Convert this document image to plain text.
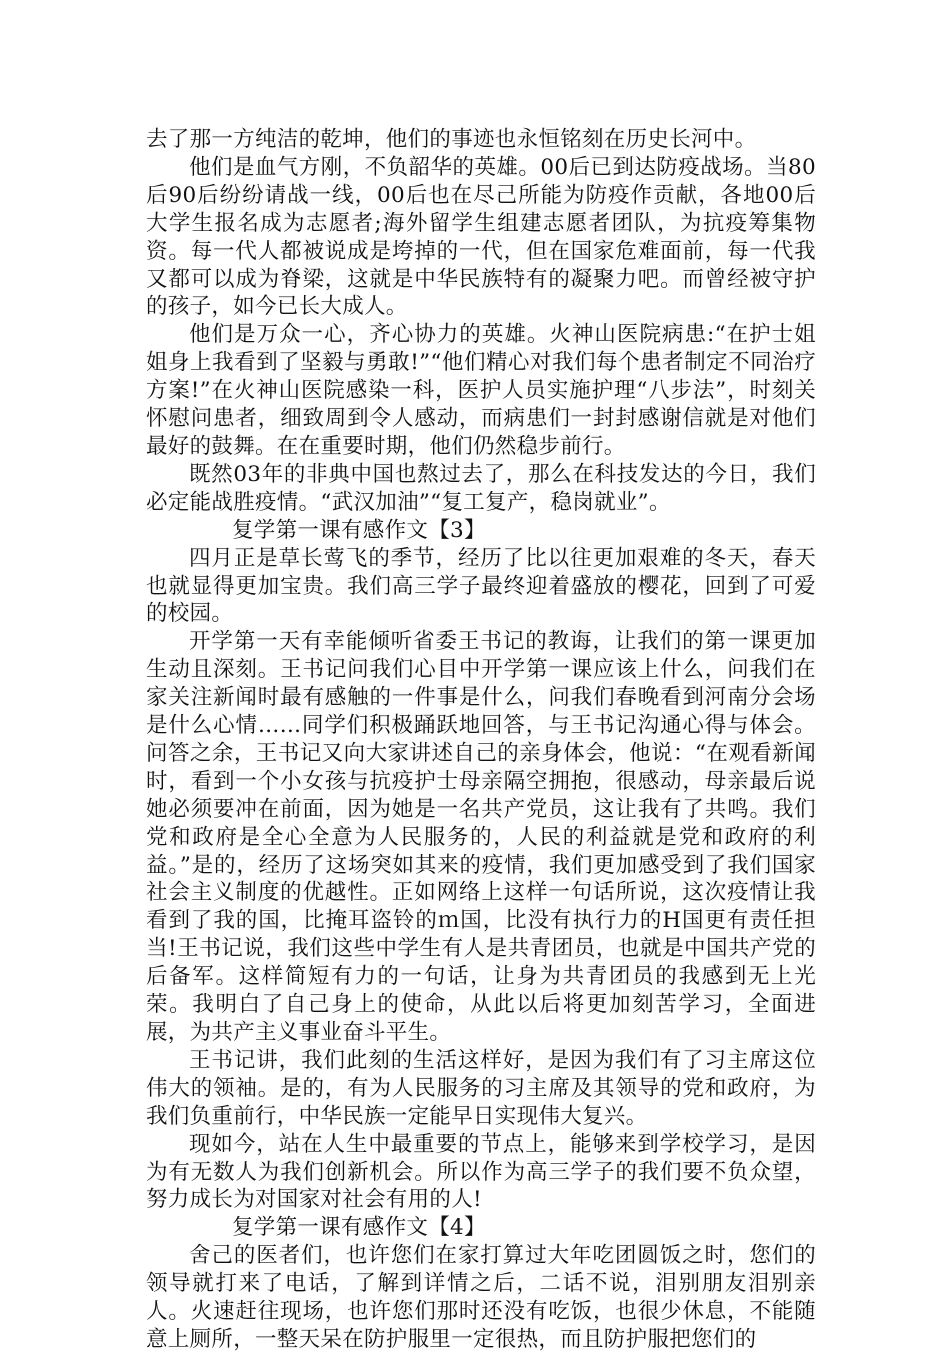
去了那一方纯洁的乾坤，他们的事迹也永恒铭刻在历史长河中。

他们是血气方刚，不负韶华的英雄。00后已到达防疫战场。当80后90后纷纷请战一线，00后也在尽己所能为防疫作贡献，各地00后大学生报名成为志愿者;海外留学生组建志愿者团队，为抗疫筹集物资。每一代人都被说成是垮掉的一代，但在国家危难面前，每一代我又都可以成为脊梁，这就是中华民族特有的凝聚力吧。而曾经被守护的孩子，如今已长大成人。

他们是万众一心，齐心协力的英雄。火神山医院病患:“在护士姐姐身上我看到了坚毅与勇敢!”“他们精心对我们每个患者制定不同治疗方案!”在火神山医院感染一科，医护人员实施护理“八步法”，时刻关怀慰问患者，细致周到令人感动，而病患们一封封感谢信就是对他们最好的鼓舞。在在重要时期，他们仍然稳步前行。

既然03年的非典中国也熬过去了，那么在科技发达的今日，我们必定能战胜疫情。“武汉加油”“复工复产，稳岗就业”。

复学第一课有感作文【3】

四月正是草长莺飞的季节，经历了比以往更加艰难的冬天，春天也就显得更加宝贵。我们高三学子最终迎着盛放的樱花，回到了可爱的校园。

开学第一天有幸能倾听省委王书记的教诲，让我们的第一课更加生动且深刻。王书记问我们心目中开学第一课应该上什么，问我们在家关注新闻时最有感触的一件事是什么，问我们春晚看到河南分会场是什么心情……同学们积极踊跃地回答，与王书记沟通心得与体会。问答之余，王书记又向大家讲述自己的亲身体会，他说：“在观看新闻时，看到一个小女孩与抗疫护士母亲隔空拥抱，很感动，母亲最后说她必须要冲在前面，因为她是一名共产党员，这让我有了共鸣。我们党和政府是全心全意为人民服务的，人民的利益就是党和政府的利益。”是的，经历了这场突如其来的疫情，我们更加感受到了我们国家社会主义制度的优越性。正如网络上这样一句话所说，这次疫情让我看到了我的国，比掩耳盗铃的ｍ国，比没有执行力的H国更有责任担当!王书记说，我们这些中学生有人是共青团员，也就是中国共产党的后备军。这样简短有力的一句话，让身为共青团员的我感到无上光荣。我明白了自己身上的使命，从此以后将更加刻苦学习，全面进展，为共产主义事业奋斗平生。

王书记讲，我们此刻的生活这样好，是因为我们有了习主席这位伟大的领袖。是的，有为人民服务的习主席及其领导的党和政府，为我们负重前行，中华民族一定能早日实现伟大复兴。

现如今，站在人生中最重要的节点上，能够来到学校学习，是因为有无数人为我们创新机会。所以作为高三学子的我们要不负众望，努力成长为对国家对社会有用的人!

复学第一课有感作文【4】

舍己的医者们，也许您们在家打算过大年吃团圆饭之时，您们的领导就打来了电话，了解到详情之后，二话不说，泪别朋友泪别亲人。火速赶往现场，也许您们那时还没有吃饭，也很少休息，不能随意上厕所，一整天呆在防护服里一定很热，而且防护服把您们的
